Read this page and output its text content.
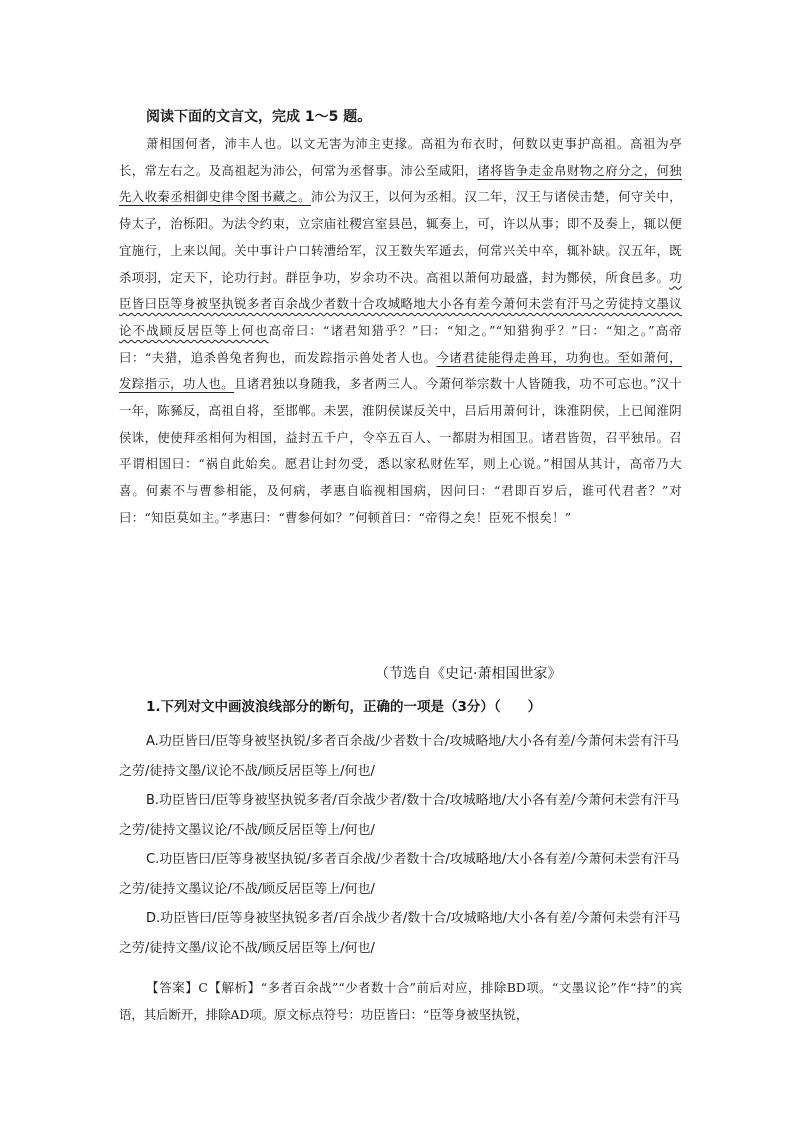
阅读下面的文言文，完成 1～5 题。

萧相国何者，沛丰人也。以文无害为沛主吏掾。高祖为布衣时，何数以吏事护高祖。高祖为亭长，常左右之。及高祖起为沛公，何常为丞督事。沛公至咸阳，诸将皆争走金帛财物之府分之，何独先入收秦丞相御史律令图书藏之。沛公为汉王，以何为丞相。汉二年，汉王与诸侯击楚，何守关中，侍太子，治栎阳。为法令约束，立宗庙社稷宫室县邑，辄奏上，可，许以从事；即不及奏上，辄以便宜施行，上来以闻。关中事计户口转漕给军，汉王数失军遁去，何常兴关中卒，辄补缺。汉五年，既杀项羽，定天下，论功行封。群臣争功，岁余功不决。高祖以萧何功最盛，封为酂侯，所食邑多。功臣皆曰臣等身被坚执锐多者百余战少者数十合攻城略地大小各有差今萧何未尝有汗马之劳徒持文墨议论不战顾反居臣等上何也高帝曰：“诸君知猎乎？”曰：“知之。”“知猎狗乎？”曰：“知之。”高帝曰：“夫猎，追杀兽兔者狗也，而发踪指示兽处者人也。今诸君徒能得走兽耳，功狗也。至如萧何，发踪指示，功人也。且诸君独以身随我，多者两三人。今萧何举宗数十人皆随我，功不可忘也。”汉十一年，陈豨反，高祖自将，至邯郸。未罢，淮阴侯谋反关中，吕后用萧何计，诛淮阴侯，上已闻淮阴侯诛，使使拜丞相何为相国，益封五千户，令卒五百人、一都尉为相国卫。诸君皆贺，召平独吊。召平谓相国曰：“祸自此始矣。愿君让封勿受，悉以家私财佐军，则上心说。”相国从其计，高帝乃大喜。何素不与曹参相能，及何病，孝惠自临视相国病，因问曰：“君即百岁后，谁可代君者？”对曰：“知臣莫如主。”孝惠曰：“曹参何如？”何顿首曰：“帝得之矣！臣死不恨矣！”

（节选自《史记·萧相国世家》
1.下列对文中画波浪线部分的断句，正确的一项是（3分）（　　）

A.功臣皆曰/臣等身被坚执锐/多者百余战/少者数十合/攻城略地/大小各有差/今萧何未尝有汗马之劳/徒持文墨/议论不战/顾反居臣等上/何也/

B.功臣皆曰/臣等身被坚执锐多者/百余战少者/数十合/攻城略地/大小各有差/今萧何未尝有汗马之劳/徒持文墨议论/不战/顾反居臣等上/何也/

C.功臣皆曰/臣等身被坚执锐/多者百余战/少者数十合/攻城略地/大小各有差/今萧何未尝有汗马之劳/徒持文墨议论/不战/顾反居臣等上/何也/

D.功臣皆曰/臣等身被坚执锐多者/百余战少者/数十合/攻城略地/大小各有差/今萧何未尝有汗马之劳/徒持文墨/议论不战/顾反居臣等上/何也/

【答案】C【解析】“多者百余战”“少者数十合”前后对应，排除BD项。“文墨议论”作“持”的宾语，其后断开，排除AD项。原文标点符号：功臣皆曰：“臣等身被坚执锐，
